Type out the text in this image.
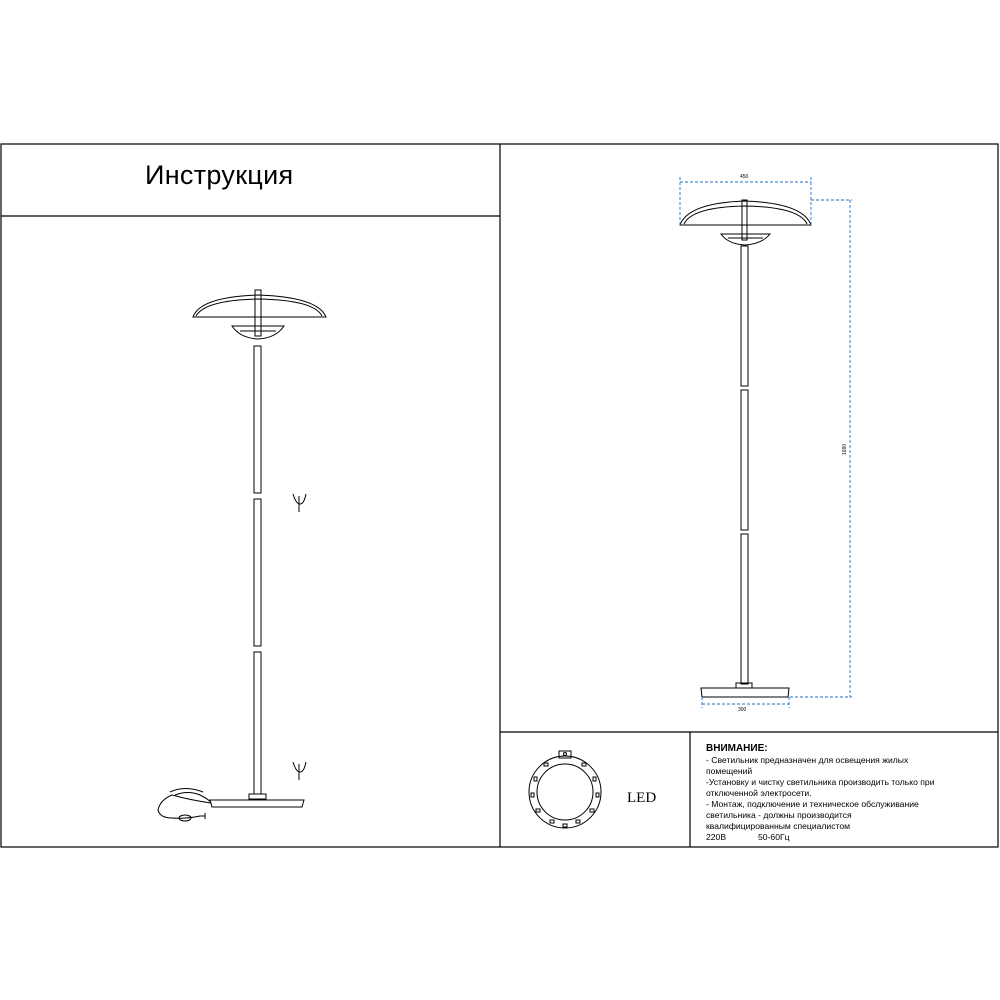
Инструкция	450
300
1680
LED
ВНИМАНИЕ:
- Светильник предназначен для освещения жилых
помещений
-Установку и чистку светильника производить только при
отключенной электросети.
- Монтаж, подключение и техническое обслуживание
светильника - должны производится
квалифицированным специалистом
220В	50-60Гц
